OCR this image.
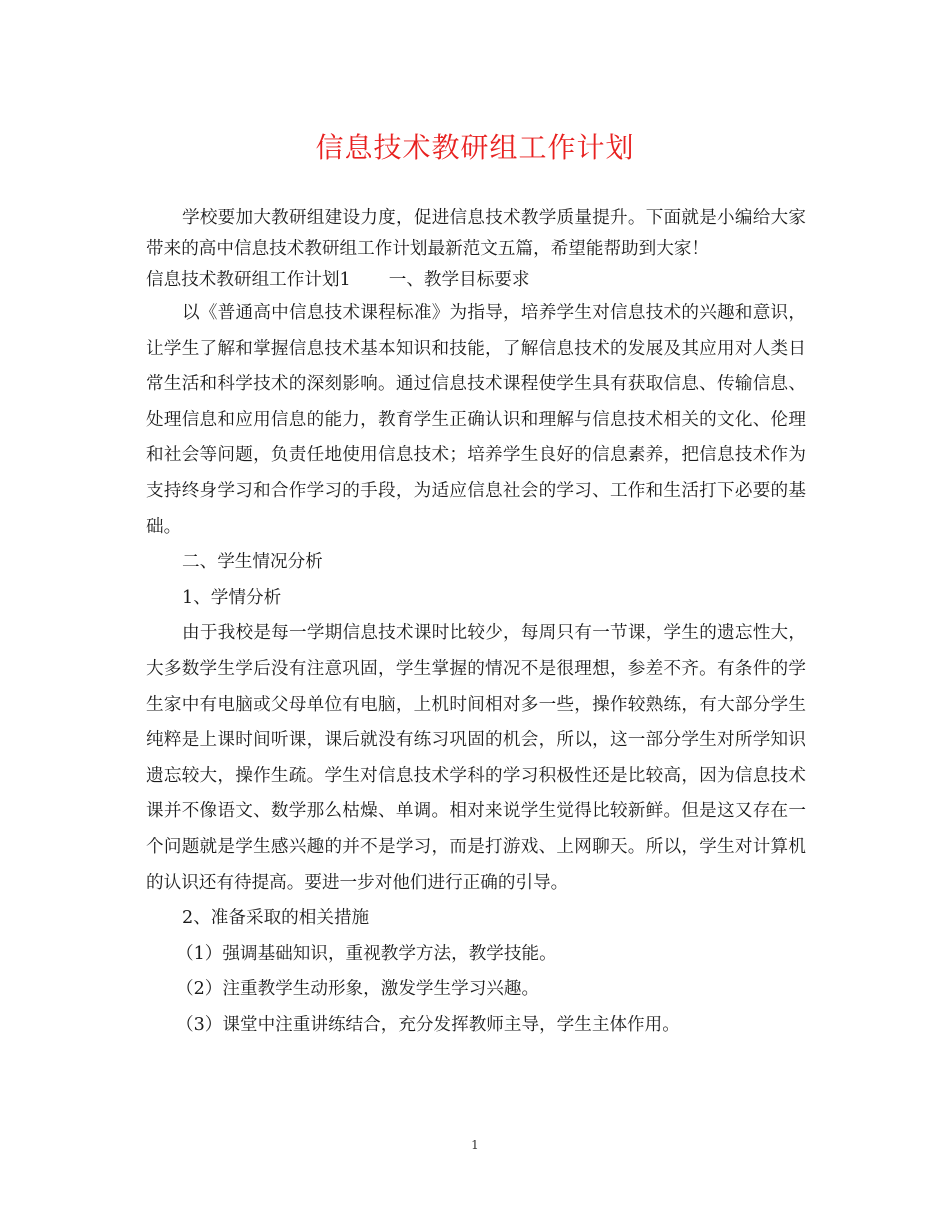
信息技术教研组工作计划

学校要加大教研组建设力度，促进信息技术教学质量提升。下面就是小编给大家带来的高中信息技术教研组工作计划最新范文五篇，希望能帮助到大家！

信息技术教研组工作计划1 一、教学目标要求

以《普通高中信息技术课程标准》为指导，培养学生对信息技术的兴趣和意识，让学生了解和掌握信息技术基本知识和技能，了解信息技术的发展及其应用对人类日常生活和科学技术的深刻影响。通过信息技术课程使学生具有获取信息、传输信息、处理信息和应用信息的能力，教育学生正确认识和理解与信息技术相关的文化、伦理和社会等问题，负责任地使用信息技术；培养学生良好的信息素养，把信息技术作为支持终身学习和合作学习的手段，为适应信息社会的学习、工作和生活打下必要的基础。

二、学生情况分析

1、学情分析

由于我校是每一学期信息技术课时比较少，每周只有一节课，学生的遗忘性大，大多数学生学后没有注意巩固，学生掌握的情况不是很理想，参差不齐。有条件的学生家中有电脑或父母单位有电脑，上机时间相对多一些，操作较熟练，有大部分学生纯粹是上课时间听课，课后就没有练习巩固的机会，所以，这一部分学生对所学知识遗忘较大，操作生疏。学生对信息技术学科的学习积极性还是比较高，因为信息技术课并不像语文、数学那么枯燥、单调。相对来说学生觉得比较新鲜。但是这又存在一个问题就是学生感兴趣的并不是学习，而是打游戏、上网聊天。所以，学生对计算机的认识还有待提高。要进一步对他们进行正确的引导。

2、准备采取的相关措施

（1）强调基础知识，重视教学方法，教学技能。

（2）注重教学生动形象，激发学生学习兴趣。

（3）课堂中注重讲练结合，充分发挥教师主导，学生主体作用。

1
